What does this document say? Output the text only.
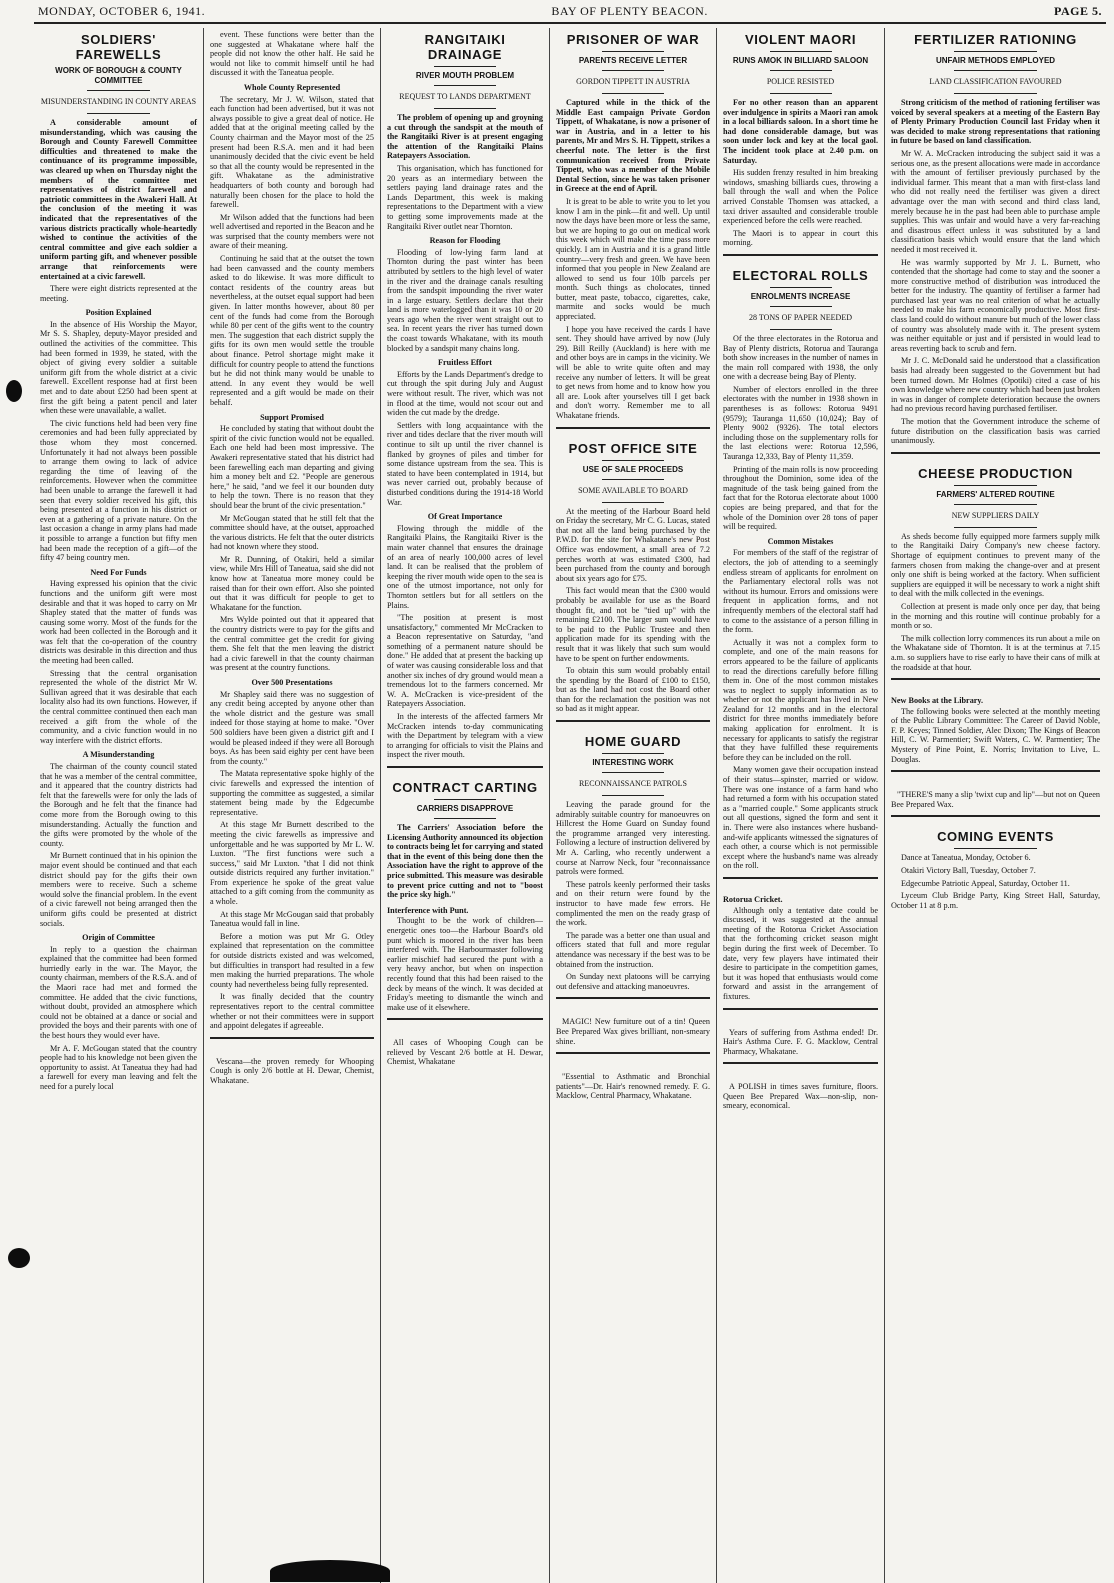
MONDAY, OCTOBER 6, 1941.	BAY OF PLENTY BEACON.	PAGE 5.
SOLDIERS' FAREWELLS
WORK OF BOROUGH & COUNTY COMMITTEE
MISUNDERSTANDING IN COUNTY AREAS

A considerable amount of misunderstanding, which was causing the Borough and County Farewell Committee difficulties and threatened to make the continuance of its programme impossible, was cleared up when on Thursday night the members of the committee met representatives of district farewell and patriotic committees in the Awakeri Hall. At the conclusion of the meeting it was indicated that the representatives of the various districts practically whole-heartedly wished to continue the activities of the central committee and give each soldier a uniform parting gift, and whenever possible arrange that reinforcements were entertained at a civic farewell.

There were eight districts represented at the meeting.

Position Explained

In the absence of His Worship the Mayor, Mr S. S. Shapley, deputy-Mayor presided and outlined the activities of the committee. This had been formed in 1939, he stated, with the object of giving every soldier a suitable uniform gift from the whole district at a civic farewell. Excellent response had at first been met and to date about £250 had been spent at first the gift being a patent pencil and later when these were unavailable, a wallet.

The civic functions held had been very fine ceremonies and had been fully appreciated by those whom they most concerned. Unfortunately it had not always been possible to arrange them owing to lack of advice regarding the time of leaving of the reinforcements. However when the committee had been unable to arrange the farewell it had seen that every soldier received his gift, this being presented at a function in his district or even at a gathering of a private nature. On the last occasion a change in army plans had made it possible to arrange a function but fifty men had been made the reception of a gift—of the fifty 47 being country men.

Need For Funds

Having expressed his opinion that the civic functions and the uniform gift were most desirable and that it was hoped to carry on Mr Shapley stated that the matter of funds was causing some worry. Most of the funds for the work had been collected in the Borough and it was felt that the co-operation of the country districts was desirable in this direction and thus the meeting had been called.

Stressing that the central organisation represented the whole of the district Mr W. Sullivan agreed that it was desirable that each locality also had its own functions. However, if the central committee continued then each man received a gift from the whole of the community, and a civic function would in no way interfere with the district efforts.

A Misunderstanding

The chairman of the county council stated that he was a member of the central committee, and it appeared that the country districts had felt that the farewells were for only the lads of the Borough and he felt that the finance had come more from the Borough owing to this misunderstanding. Actually the function and the gifts were promoted by the whole of the county.

Mr Burnett continued that in his opinion the major event should be continued and that each district should pay for the gifts their own members were to receive. Such a scheme would solve the financial problem. In the event of a civic farewell not being arranged then the uniform gifts could be presented at district socials.

Origin of Committee

In reply to a question the chairman explained that the committee had been formed hurriedly early in the war. The Mayor, the county chairman, members of the R.S.A. and of the Maori race had met and formed the committee. He added that the civic functions, without doubt, provided an atmosphere which could not be obtained at a dance or social and provided the boys and their parents with one of the best hours they would ever have.

Mr A. F. McGougan stated that the country people had to his knowledge not been given the opportunity to assist. At Taneatua they had had a farewell for every man leaving and felt the need for a purely local

event. These functions were better than the one suggested at Whakatane where half the people did not know the other half. He said he would not like to commit himself until he had discussed it with the Taneatua people.

Whole County Represented

The secretary, Mr J. W. Wilson, stated that each function had been advertised, but it was not always possible to give a great deal of notice. He added that at the original meeting called by the County chairman and the Mayor most of the 25 present had been R.S.A. men and it had been unanimously decided that the civic event be held so that all the county would be represented in the gift. Whakatane as the administrative headquarters of both county and borough had naturally been chosen for the place to hold the farewell.

Mr Wilson added that the functions had been well advertised and reported in the Beacon and he was surprised that the county members were not aware of their meaning.

Continuing he said that at the outset the town had been canvassed and the county members asked to do likewise. It was more difficult to contact residents of the country areas but nevertheless, at the outset equal support had been given. In latter months however, about 80 per cent of the funds had come from the Borough while 80 per cent of the gifts went to the country men. The suggestion that each district supply the gifts for its own men would settle the trouble about finance. Petrol shortage might make it difficult for country people to attend the functions but he did not think many would be unable to attend. In any event they would be well represented and a gift would be made on their behalf.

Support Promised

He concluded by stating that without doubt the spirit of the civic function would not be equalled. Each one held had been most impressive. The Awakeri representative stated that his district had been farewelling each man departing and giving him a money belt and £2. "People are generous here," he said, "and we feel it our bounden duty to help the town. There is no reason that they should bear the brunt of the civic presentation."

Mr McGougan stated that he still felt that the committee should have, at the outset, approached the various districts. He felt that the outer districts had not known where they stood.

Mr R. Dunning, of Otakiri, held a similar view, while Mrs Hill of Taneatua, said she did not know how at Taneatua more money could be raised than for their own effort. Also she pointed out that it was difficult for people to get to Whakatane for the function.

Mrs Wylde pointed out that it appeared that the country districts were to pay for the gifts and the central committee get the credit for giving them. She felt that the men leaving the district had a civic farewell in that the county chairman was present at the country functions.

Over 500 Presentations

Mr Shapley said there was no suggestion of any credit being accepted by anyone other than the whole district and the gesture was small indeed for those staying at home to make. "Over 500 soldiers have been given a district gift and I would be pleased indeed if they were all Borough boys. As has been said eighty per cent have been from the county."

The Matata representative spoke highly of the civic farewells and expressed the intention of supporting the committee as suggested, a similar statement being made by the Edgecumbe representative.

At this stage Mr Burnett described to the meeting the civic farewells as impressive and unforgettable and he was supported by Mr L. W. Luxton. "The first functions were such a success," said Mr Luxton. "that I did not think outside districts required any further invitation." From experience he spoke of the great value attached to a gift coming from the community as a whole.

At this stage Mr McGougan said that probably Taneatua would fall in line.

Before a motion was put Mr G. Otley explained that representation on the committee for outside districts existed and was welcomed, but difficulties in transport had resulted in a few men making the hurried preparations. The whole county had nevertheless being fully represented.

It was finally decided that the country representatives report to the central committee whether or not their committees were in support and appoint delegates if agreeable.

Vescana—the proven remedy for Whooping Cough is only 2/6 bottle at H. Dewar, Chemist, Whakatane.

RANGITAIKI DRAINAGE
RIVER MOUTH PROBLEM
REQUEST TO LANDS DEPARTMENT

The problem of opening up and groyning a cut through the sandspit at the mouth of the Rangitaiki River is at present engaging the attention of the Rangitaiki Plains Ratepayers Association.

This organisation, which has functioned for 20 years as an intermediary between the settlers paying land drainage rates and the Lands Department, this week is making representations to the Department with a view to getting some improvements made at the Rangitaiki River outlet near Thornton.

Reason for Flooding

Flooding of low-lying farm land at Thornton during the past winter has been attributed by settlers to the high level of water in the river and the drainage canals resulting from the sandspit impounding the river water in a large estuary. Settlers declare that their land is more waterlogged than it was 10 or 20 years ago when the river went straight out to sea. In recent years the river has turned down the coast towards Whakatane, with its mouth blocked by a sandspit many chains long.

Fruitless Effort

Efforts by the Lands Department's dredge to cut through the spit during July and August were without result. The river, which was not in flood at the time, would not scour out and widen the cut made by the dredge.

Settlers with long acquaintance with the river and tides declare that the river mouth will continue to silt up until the river channel is flanked by groynes of piles and timber for some distance upstream from the sea. This is stated to have been contemplated in 1914, but was never carried out, probably because of disturbed conditions during the 1914-18 World War.

Of Great Importance

Flowing through the middle of the Rangitaiki Plains, the Rangitaiki River is the main water channel that ensures the drainage of an area of nearly 100,000 acres of level land. It can be realised that the problem of keeping the river mouth wide open to the sea is one of the utmost importance, not only for Thornton settlers but for all settlers on the Plains.

"The position at present is most unsatisfactory," commented Mr McCracken to a Beacon representative on Saturday, "and something of a permanent nature should be done." He added that at present the backing up of water was causing considerable loss and that another six inches of dry ground would mean a tremendous lot to the farmers concerned. Mr W. A. McCracken is vice-president of the Ratepayers Association.

In the interests of the affected farmers Mr McCracken intends to-day communicating with the Department by telegram with a view to arranging for officials to visit the Plains and inspect the river mouth.

CONTRACT CARTING
CARRIERS DISAPPROVE

The Carriers' Association before the Licensing Authority announced its objection to contracts being let for carrying and stated that in the event of this being done then the Association have the right to approve of the price submitted. This measure was desirable to prevent price cutting and not to "boost the price sky high."

Interference with Punt.

Thought to be the work of children—energetic ones too—the Harbour Board's old punt which is moored in the river has been interfered with. The Harbourmaster following earlier mischief had secured the punt with a very heavy anchor, but when on inspection recently found that this had been raised to the deck by means of the winch. It was decided at Friday's meeting to dismantle the winch and make use of it elsewhere.

All cases of Whooping Cough can be relieved by Vescant 2/6 bottle at H. Dewar, Chemist, Whakatane

PRISONER OF WAR
PARENTS RECEIVE LETTER
GORDON TIPPETT IN AUSTRIA

Captured while in the thick of the Middle East campaign Private Gordon Tippett, of Whakatane, is now a prisoner of war in Austria, and in a letter to his parents, Mr and Mrs S. H. Tippett, strikes a cheerful note. The letter is the first communication received from Private Tippett, who was a member of the Mobile Dental Section, since he was taken prisoner in Greece at the end of April.

It is great to be able to write you to let you know I am in the pink—fit and well. Up until now the days have been more or less the same, but we are hoping to go out on medical work this week which will make the time pass more quickly. I am in Austria and it is a grand little country—very fresh and green. We have been informed that you people in New Zealand are allowed to send us four 10lb parcels per month. Such things as cholocates, tinned butter, meat paste, tobacco, cigarettes, cake, marmite and socks would be much appreciated.

I hope you have received the cards I have sent. They should have arrived by now (July 29). Bill Reilly (Auckland) is here with me and other boys are in camps in the vicinity. We will be able to write quite often and may receive any number of letters. It will be great to get news from home and to know how you all are. Look after yourselves till I get back and don't worry. Remember me to all Whakatane friends.

POST OFFICE SITE
USE OF SALE PROCEEDS
SOME AVAILABLE TO BOARD

At the meeting of the Harbour Board held on Friday the secretary, Mr C. G. Lucas, stated that not all the land being purchased by the P.W.D. for the site for Whakatane's new Post Office was endowment, a small area of 7.2 perches worth at was estimated £300, had been purchased from the county and borough about six years ago for £75.

This fact would mean that the £300 would probably be available for use as the Board thought fit, and not be "tied up" with the remaining £2100. The larger sum would have to be paid to the Public Trustee and then application made for its spending with the result that it was likely that such sum would have to be spent on further endowments.

To obtain this sum would probably entail the spending by the Board of £100 to £150, but as the land had not cost the Board other than for the reclamation the position was not so bad as it might appear.

HOME GUARD
INTERESTING WORK
RECONNAISSANCE PATROLS

Leaving the parade ground for the admirably suitable country for manoeuvres on Hillcrest the Home Guard on Sunday found the programme arranged very interesting. Following a lecture of instruction delivered by Mr A. Carling, who recently underwent a course at Narrow Neck, four "reconnaissance patrols were formed.

These patrols keenly performed their tasks and on their return were found by the instructor to have made few errors. He complimented the men on the ready grasp of the work.

The parade was a better one than usual and officers stated that full and more regular attendance was necessary if the best was to be obtained from the instruction.

On Sunday next platoons will be carrying out defensive and attacking manoeuvres.

MAGIC! New furniture out of a tin! Queen Bee Prepared Wax gives brilliant, non-smeary shine.

"Essential to Asthmatic and Bronchial patients"—Dr. Hair's renowned remedy. F. G. Macklow, Central Pharmacy, Whakatane.

VIOLENT MAORI
RUNS AMOK IN BILLIARD SALOON
POLICE RESISTED

For no other reason than an apparent over indulgence in spirits a Maori ran amok in a local billiards saloon. In a short time he had done considerable damage, but was soon under lock and key at the local gaol. The incident took place at 2.40 p.m. on Saturday.

His sudden frenzy resulted in him breaking windows, smashing billiards cues, throwing a ball through the wall and when the Police arrived Constable Thomsen was attacked, a taxi driver assaulted and considerable trouble experienced before the cells were reached.

The Maori is to appear in court this morning.

ELECTORAL ROLLS
ENROLMENTS INCREASE
28 TONS OF PAPER NEEDED

Of the three electorates in the Rotorua and Bay of Plenty districts, Rotorua and Tauranga both show increases in the number of names in the main roll compared with 1938, the only one with a decrease being Bay of Plenty.

Number of electors enrolled in the three electorates with the number in 1938 shown in parentheses is as follows: Rotorua 9491 (9579); Tauranga 11,650 (10,024); Bay of Plenty 9002 (9326). The total electors including those on the supplementary rolls for the last elections were: Rotorua 12,596, Tauranga 12,333, Bay of Plenty 11,359.

Printing of the main rolls is now proceeding throughout the Dominion, some idea of the magnitude of the task being gained from the fact that for the Rotorua electorate about 1000 copies are being prepared, and that for the whole of the Dominion over 28 tons of paper will be required.

Common Mistakes

For members of the staff of the registrar of electors, the job of attending to a seemingly endless stream of applicants for enrolment on the Parliamentary electoral rolls was not without its humour. Errors and omissions were frequent in application forms, and not infrequently members of the electoral staff had to come to the assistance of a person filling in the form.

Actually it was not a complex form to complete, and one of the main reasons for errors appeared to be the failure of applicants to read the directions carefully before filling them in. One of the most common mistakes was to neglect to supply information as to whether or not the applicant has lived in New Zealand for 12 months and in the electoral district for three months immediately before making application for enrolment. It is necessary for applicants to satisfy the registrar that they have fulfilled these requirements before they can be included on the roll.

Many women gave their occupation instead of their status—spinster, married or widow. There was one instance of a farm hand who had returned a form with his occupation stated as a "married couple." Some applicants struck out all questions, signed the form and sent it in. There were also instances where husband-and-wife applicants witnessed the signatures of each other, a course which is not permissible except where the husband's name was already on the roll.

Rotorua Cricket.

Although only a tentative date could be discussed, it was suggested at the annual meeting of the Rotorua Cricket Association that the forthcoming cricket season might begin during the first week of December. To date, very few players have intimated their desire to participate in the competition games, but it was hoped that enthusiasts would come forward and assist in the arrangement of fixtures.

Years of suffering from Asthma ended! Dr. Hair's Asthma Cure. F. G. Macklow, Central Pharmacy, Whakatane.

A POLISH in times saves furniture, floors. Queen Bee Prepared Wax—non-slip, non-smeary, economical.

FERTILIZER RATIONING
UNFAIR METHODS EMPLOYED
LAND CLASSIFICATION FAVOURED

Strong criticism of the method of rationing fertiliser was voiced by several speakers at a meeting of the Eastern Bay of Plenty Primary Production Council last Friday when it was decided to make strong representations that rationing in future be based on land classification.

Mr W. A. McCracken introducing the subject said it was a serious one, as the present allocations were made in accordance with the amount of fertiliser previously purchased by the individual farmer. This meant that a man with first-class land who did not really need the fertiliser was given a direct advantage over the man with second and third class land, merely because he in the past had been able to purchase ample supplies. This was unfair and would have a very far-reaching and disastrous effect unless it was substituted by a land classification basis which would ensure that the land which needed it most received it.

He was warmly supported by Mr J. L. Burnett, who contended that the shortage had come to stay and the sooner a more constructive method of distribution was introduced the better for the industry. The quantity of fertiliser a farmer had purchased last year was no real criterion of what he actually needed to make his farm economically productive. Most first-class land could do without manure but much of the lower class of country was absolutely made with it. The present system was neither equitable or just and if persisted in would lead to areas reverting back to scrub and fern.

Mr J. C. McDonald said he understood that a classification basis had already been suggested to the Government but had been turned down. Mr Holmes (Opotiki) cited a case of his own knowledge where new country which had been just broken in was in danger of complete deterioration because the owners had no previous record having purchased fertiliser.

The motion that the Government introduce the scheme of future distribution on the classification basis was carried unanimously.

CHEESE PRODUCTION
FARMERS' ALTERED ROUTINE
NEW SUPPLIERS DAILY

As sheds become fully equipped more farmers supply milk to the Rangitaiki Dairy Company's new cheese factory. Shortage of equipment continues to prevent many of the farmers chosen from making the change-over and at present only one shift is being worked at the factory. When sufficient suppliers are equipped it will be necessary to work a night shift to deal with the milk collected in the evenings.

Collection at present is made only once per day, that being in the morning and this routine will continue probably for a month or so.

The milk collection lorry commences its run about a mile on the Whakatane side of Thornton. It is at the terminus at 7.15 a.m. so suppliers have to rise early to have their cans of milk at the roadside at that hour.

New Books at the Library.

The following books were selected at the monthly meeting of the Public Library Committee: The Career of David Noble, F. P. Keyes; Tinned Soldier, Alec Dixon; The Kings of Beacon Hill, C. W. Parmentier; Swift Waters, C. W. Parmentier; The Mystery of Pine Point, E. Norris; Invitation to Live, L. Douglas.

"THERE'S many a slip 'twixt cup and lip"—but not on Queen Bee Prepared Wax.

COMING EVENTS

Dance at Taneatua, Monday, October 6.

Otakiri Victory Ball, Tuesday, October 7.

Edgecumbe Patriotic Appeal, Saturday, October 11.

Lyceum Club Bridge Party, King Street Hall, Saturday, October 11 at 8 p.m.
